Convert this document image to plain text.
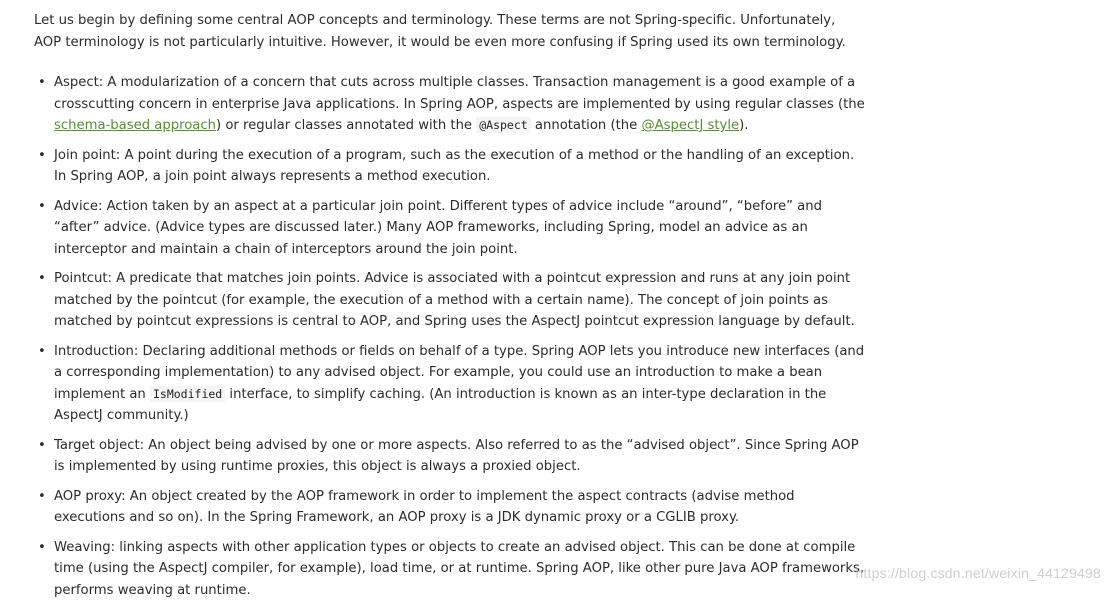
Let us begin by defining some central AOP concepts and terminology. These terms are not Spring-specific. Unfortunately, AOP terminology is not particularly intuitive. However, it would be even more confusing if Spring used its own terminology.

• Aspect: A modularization of a concern that cuts across multiple classes. Transaction management is a good example of a crosscutting concern in enterprise Java applications. In Spring AOP, aspects are implemented by using regular classes (the schema-based approach) or regular classes annotated with the @Aspect annotation (the @AspectJ style).
• Join point: A point during the execution of a program, such as the execution of a method or the handling of an exception. In Spring AOP, a join point always represents a method execution.
• Advice: Action taken by an aspect at a particular join point. Different types of advice include “around”, “before” and “after” advice. (Advice types are discussed later.) Many AOP frameworks, including Spring, model an advice as an interceptor and maintain a chain of interceptors around the join point.
• Pointcut: A predicate that matches join points. Advice is associated with a pointcut expression and runs at any join point matched by the pointcut (for example, the execution of a method with a certain name). The concept of join points as matched by pointcut expressions is central to AOP, and Spring uses the AspectJ pointcut expression language by default.
• Introduction: Declaring additional methods or fields on behalf of a type. Spring AOP lets you introduce new interfaces (and a corresponding implementation) to any advised object. For example, you could use an introduction to make a bean implement an IsModified interface, to simplify caching. (An introduction is known as an inter-type declaration in the AspectJ community.)
• Target object: An object being advised by one or more aspects. Also referred to as the “advised object”. Since Spring AOP is implemented by using runtime proxies, this object is always a proxied object.
• AOP proxy: An object created by the AOP framework in order to implement the aspect contracts (advise method executions and so on). In the Spring Framework, an AOP proxy is a JDK dynamic proxy or a CGLIB proxy.
• Weaving: linking aspects with other application types or objects to create an advised object. This can be done at compile time (using the AspectJ compiler, for example), load time, or at runtime. Spring AOP, like other pure Java AOP frameworks, performs weaving at runtime.
https://blog.csdn.net/weixin_44129498
